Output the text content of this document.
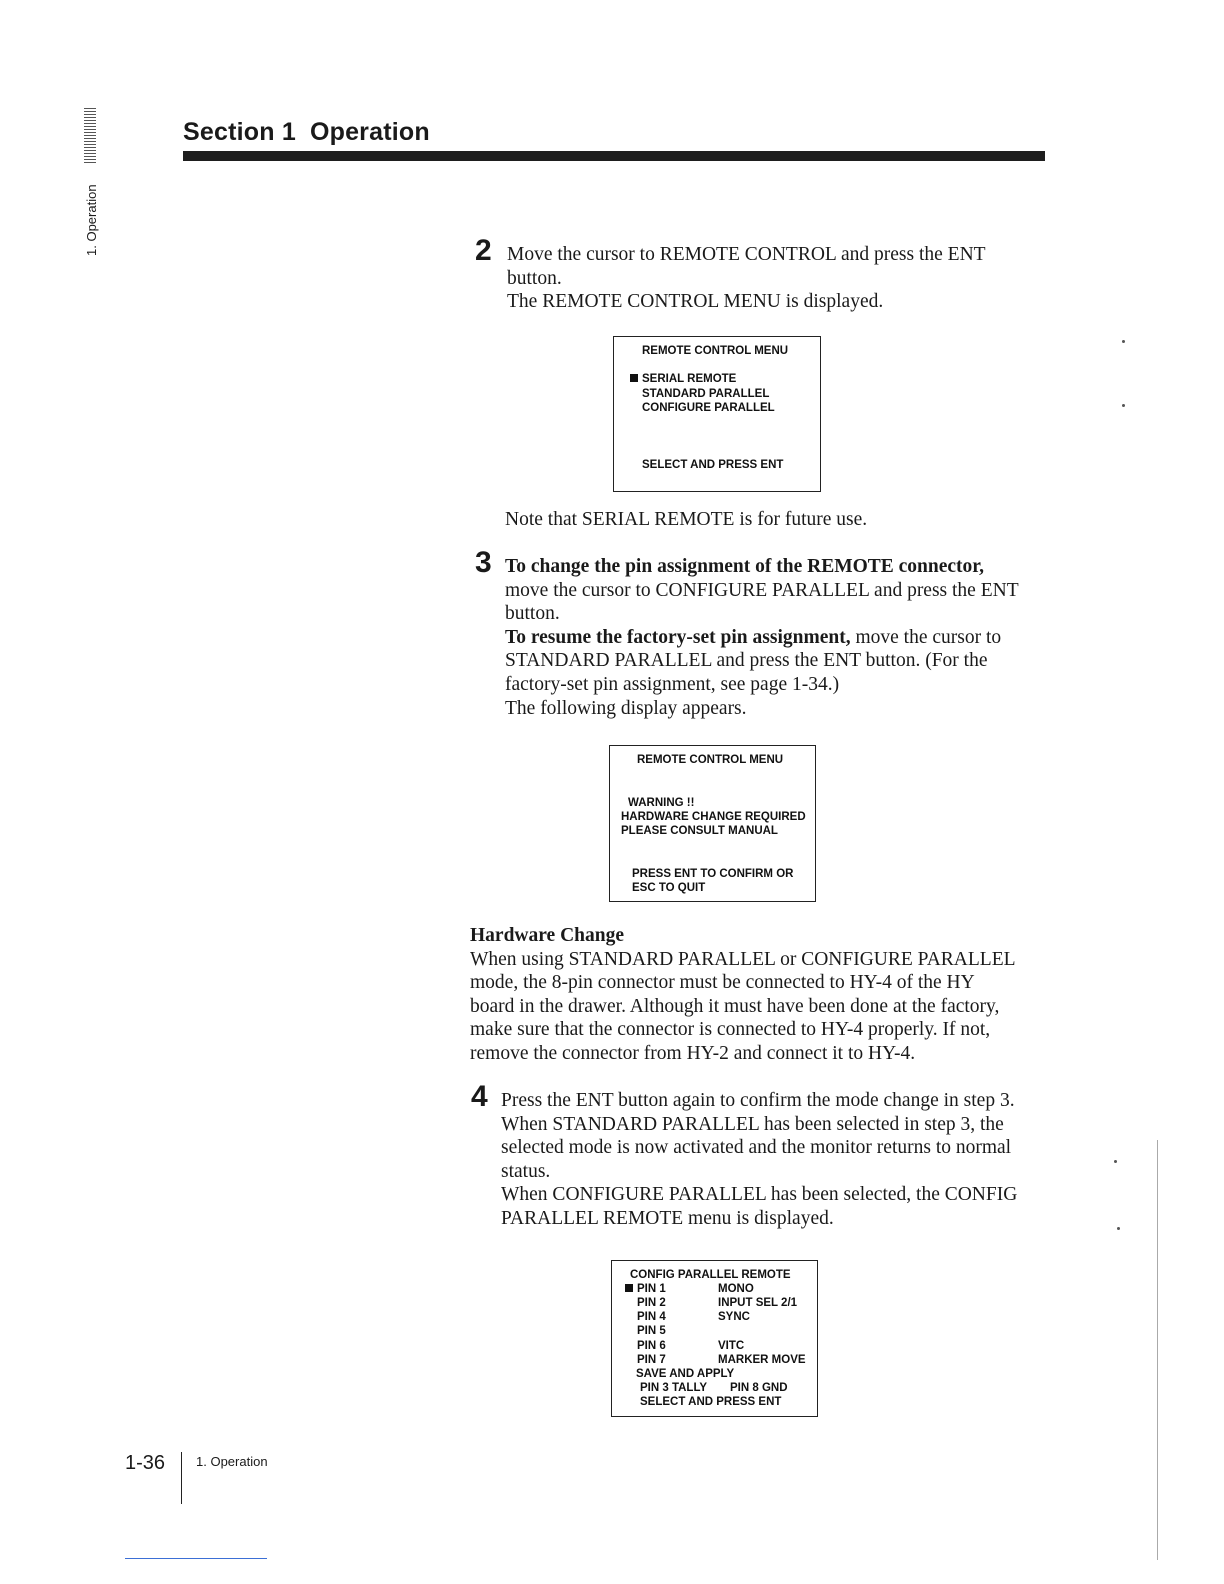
1. Operation
Section 1 Operation
2 Move the cursor to REMOTE CONTROL and press the ENT

button.

The REMOTE CONTROL MENU is displayed.

REMOTE CONTROL MENU
SERIAL REMOTE
STANDARD PARALLEL
CONFIGURE PARALLEL
SELECT AND PRESS ENT
Note that SERIAL REMOTE is for future use.
3 To change the pin assignment of the REMOTE connector,

move the cursor to CONFIGURE PARALLEL and press the ENT

button.

To resume the factory-set pin assignment, move the cursor to

STANDARD PARALLEL and press the ENT button. (For the

factory-set pin assignment, see page 1-34.)

The following display appears.

REMOTE CONTROL MENU
WARNING !!
HARDWARE CHANGE REQUIRED
PLEASE CONSULT MANUAL
PRESS ENT TO CONFIRM OR
ESC TO QUIT

Hardware Change

When using STANDARD PARALLEL or CONFIGURE PARALLEL

mode, the 8-pin connector must be connected to HY-4 of the HY

board in the drawer. Although it must have been done at the factory,

make sure that the connector is connected to HY-4 properly. If not,

remove the connector from HY-2 and connect it to HY-4.

4 Press the ENT button again to confirm the mode change in step 3.

When STANDARD PARALLEL has been selected in step 3, the

selected mode is now activated and the monitor returns to normal

status.

When CONFIGURE PARALLEL has been selected, the CONFIG

PARALLEL REMOTE menu is displayed.

CONFIG PARALLEL REMOTE
PIN 1	MONO
PIN 2	INPUT SEL 2/1
PIN 4	SYNC
PIN 5
PIN 6	VITC
PIN 7	MARKER MOVE
SAVE AND APPLY
PIN 3 TALLY PIN 8 GND
SELECT AND PRESS ENT
1-36 1. Operation
